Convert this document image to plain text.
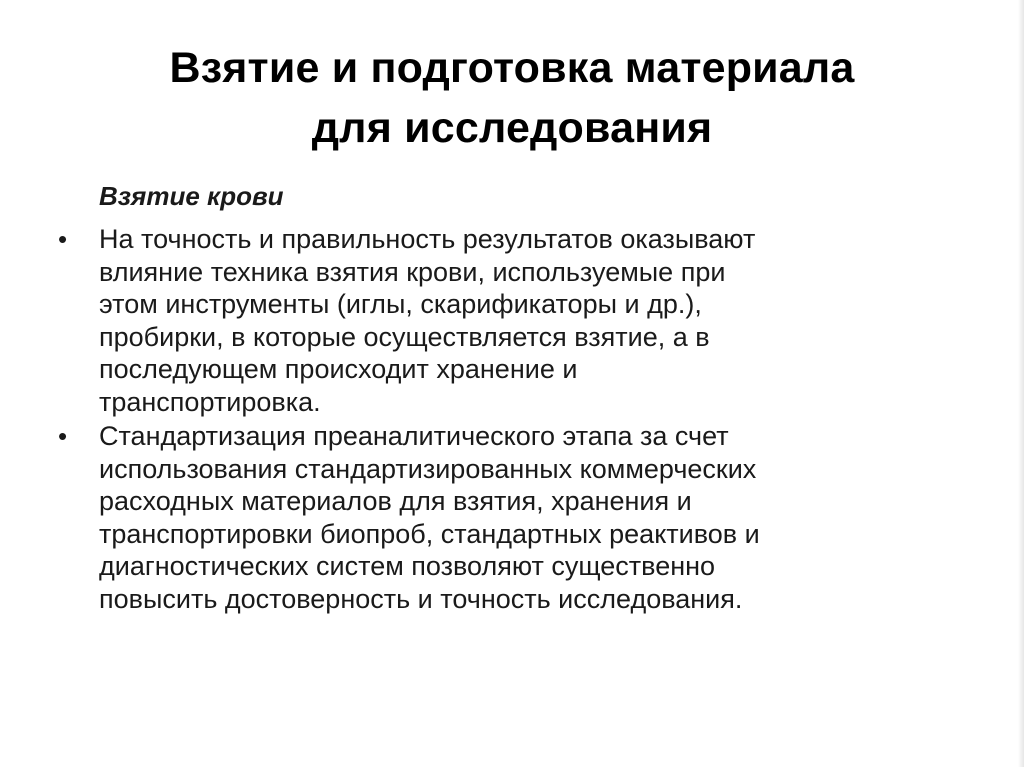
Взятие и подготовка материала
для исследования
Взятие крови
•	На точность и правильность результатов оказывают
влияние техника взятия крови, используемые при
этом инструменты (иглы, скарификаторы и др.),
пробирки, в которые осуществляется взятие, а в
последующем происходит хранение и
транспортировка.
•	Стандартизация преаналитического этапа за счет
использования стандартизированных коммерческих
расходных материалов для взятия, хранения и
транспортировки биопроб, стандартных реактивов и
диагностических систем позволяют существенно
повысить достоверность и точность исследования.
